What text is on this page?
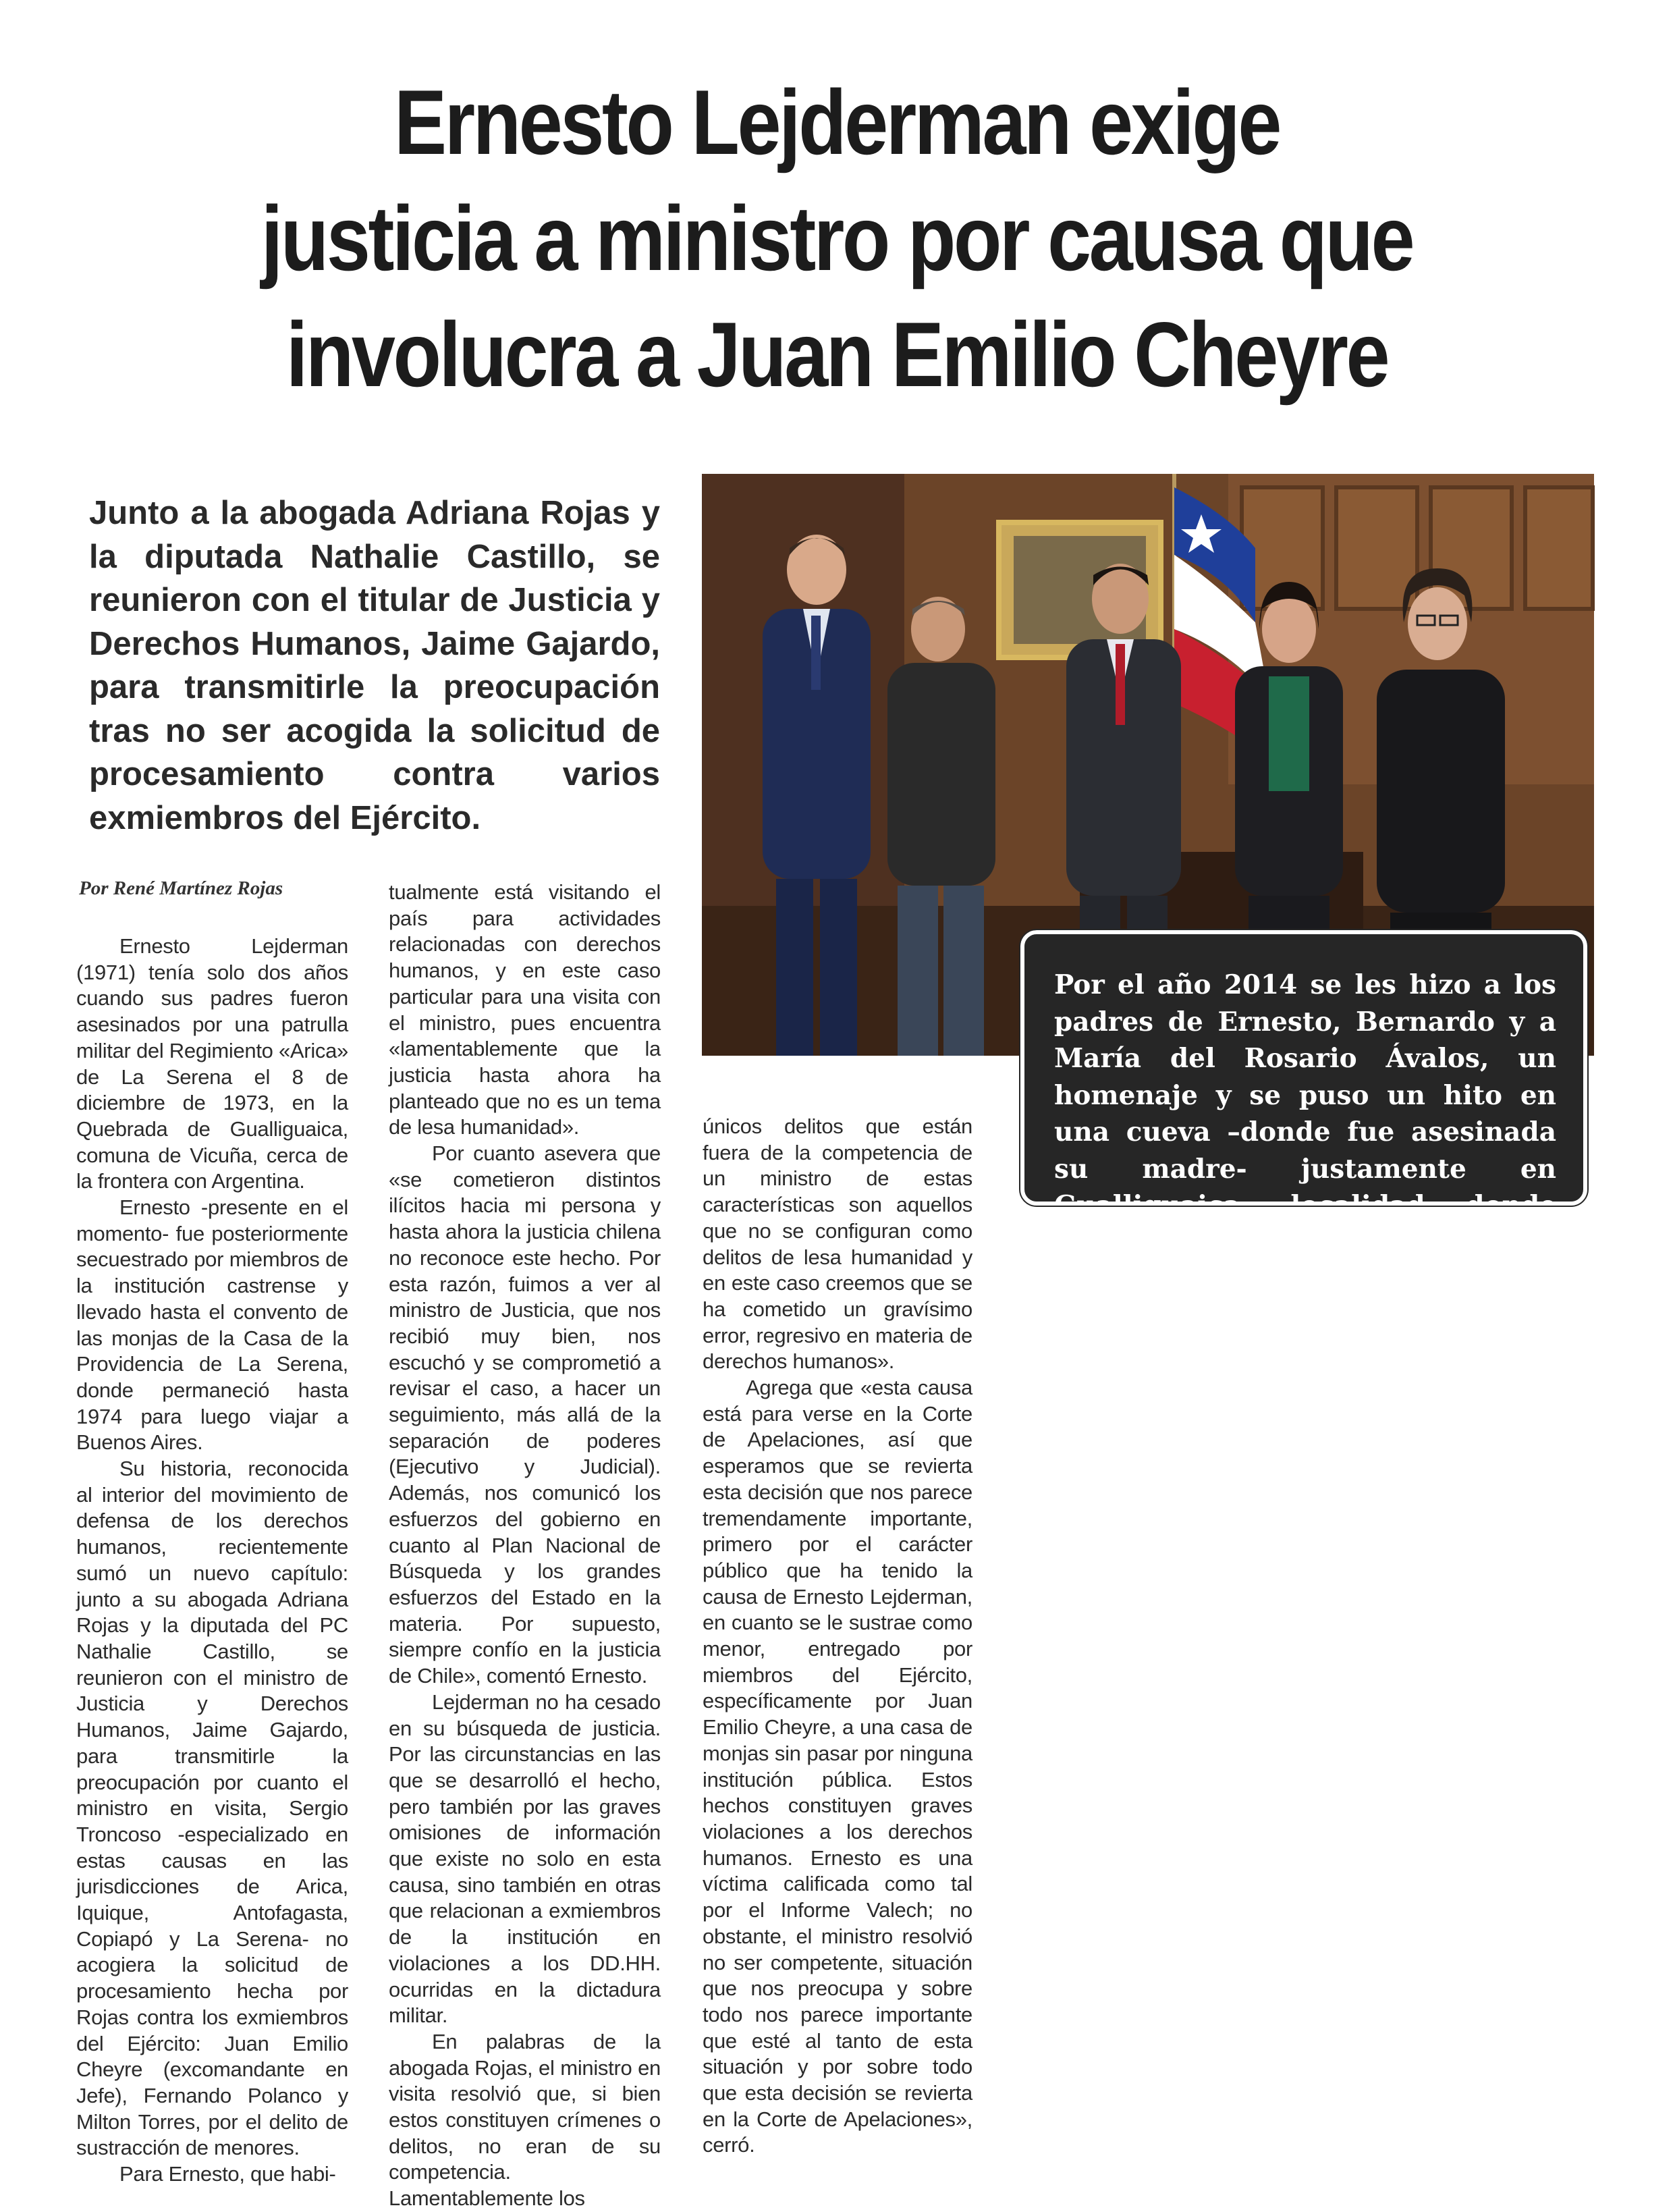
Ernesto Lejderman exige
justicia a ministro por causa que
involucra a Juan Emilio Cheyre

Junto a la abogada Adriana Rojas y la diputada Nathalie Castillo, se reunieron con el titular de Justicia y Derechos Humanos, Jaime Gajardo, para transmitirle la preocupación tras no ser acogida la solicitud de procesamiento contra varios exmiembros del Ejército.

Por el año 2014 se les hizo a los padres de Ernesto, Bernardo y a María del Rosario Ávalos, un homenaje y se puso un hito en una cueva –donde fue asesinada su madre- justamente en Gualliguaica, localidad donde estuvieron más de dos años.

Por René Martínez Rojas

Ernesto Lejderman (1971) tenía solo dos años cuando sus padres fueron asesinados por una patrulla militar del Regimiento «Arica» de La Serena el 8 de diciembre de 1973, en la Quebrada de Gualliguaica, comuna de Vicuña, cerca de la frontera con Argentina.

Ernesto -presente en el momento- fue posteriormente secuestrado por miembros de la institución castrense y llevado hasta el convento de las monjas de la Casa de la Providencia de La Serena, donde permaneció hasta 1974 para luego viajar a Buenos Aires.

Su historia, reconocida al interior del movimiento de defensa de los derechos humanos, recientemente sumó un nuevo capítulo: junto a su abogada Adriana Rojas y la diputada del PC Nathalie Castillo, se reunieron con el ministro de Justicia y Derechos Humanos, Jaime Gajardo, para transmitirle la preocupación por cuanto el ministro en visita, Sergio Troncoso -especializado en estas causas en las jurisdicciones de Arica, Iquique, Antofagasta, Copiapó y La Serena- no acogiera la solicitud de procesamiento hecha por Rojas contra los exmiembros del Ejército: Juan Emilio Cheyre (excomandante en Jefe), Fernando Polanco y Milton Torres, por el delito de sustracción de menores.

Para Ernesto, que habi-

tualmente está visitando el país para actividades relacionadas con derechos humanos, y en este caso particular para una visita con el ministro, pues encuentra «lamentablemente que la justicia hasta ahora ha planteado que no es un tema de lesa humanidad».

Por cuanto asevera que «se cometieron distintos ilícitos hacia mi persona y hasta ahora la justicia chilena no reconoce este hecho. Por esta razón, fuimos a ver al ministro de Justicia, que nos recibió muy bien, nos escuchó y se comprometió a revisar el caso, a hacer un seguimiento, más allá de la separación de poderes (Ejecutivo y Judicial). Además, nos comunicó los esfuerzos del gobierno en cuanto al Plan Nacional de Búsqueda y los grandes esfuerzos del Estado en la materia. Por supuesto, siempre confío en la justicia de Chile», comentó Ernesto.

Lejderman no ha cesado en su búsqueda de justicia. Por las circunstancias en las que se desarrolló el hecho, pero también por las graves omisiones de información que existe no solo en esta causa, sino también en otras que relacionan a exmiembros de la institución en violaciones a los DD.HH. ocurridas en la dictadura militar.

En palabras de la abogada Rojas, el ministro en visita resolvió que, si bien estos constituyen crímenes o delitos, no eran de su competencia. Lamentablemente los

únicos delitos que están fuera de la competencia de un ministro de estas características son aquellos que no se configuran como delitos de lesa humanidad y en este caso creemos que se ha cometido un gravísimo error, regresivo en materia de derechos humanos».

Agrega que «esta causa está para verse en la Corte de Apelaciones, así que esperamos que se revierta esta decisión que nos parece tremendamente importante, primero por el carácter público que ha tenido la causa de Ernesto Lejderman, en cuanto se le sustrae como menor, entregado por miembros del Ejército, específicamente por Juan Emilio Cheyre, a una casa de monjas sin pasar por ninguna institución pública. Estos hechos constituyen graves violaciones a los derechos humanos. Ernesto es una víctima calificada como tal por el Informe Valech; no obstante, el ministro resolvió no ser competente, situación que nos preocupa y sobre todo nos parece importante que esté al tanto de esta situación y por sobre todo que esta decisión se revierta en la Corte de Apelaciones», cerró.
